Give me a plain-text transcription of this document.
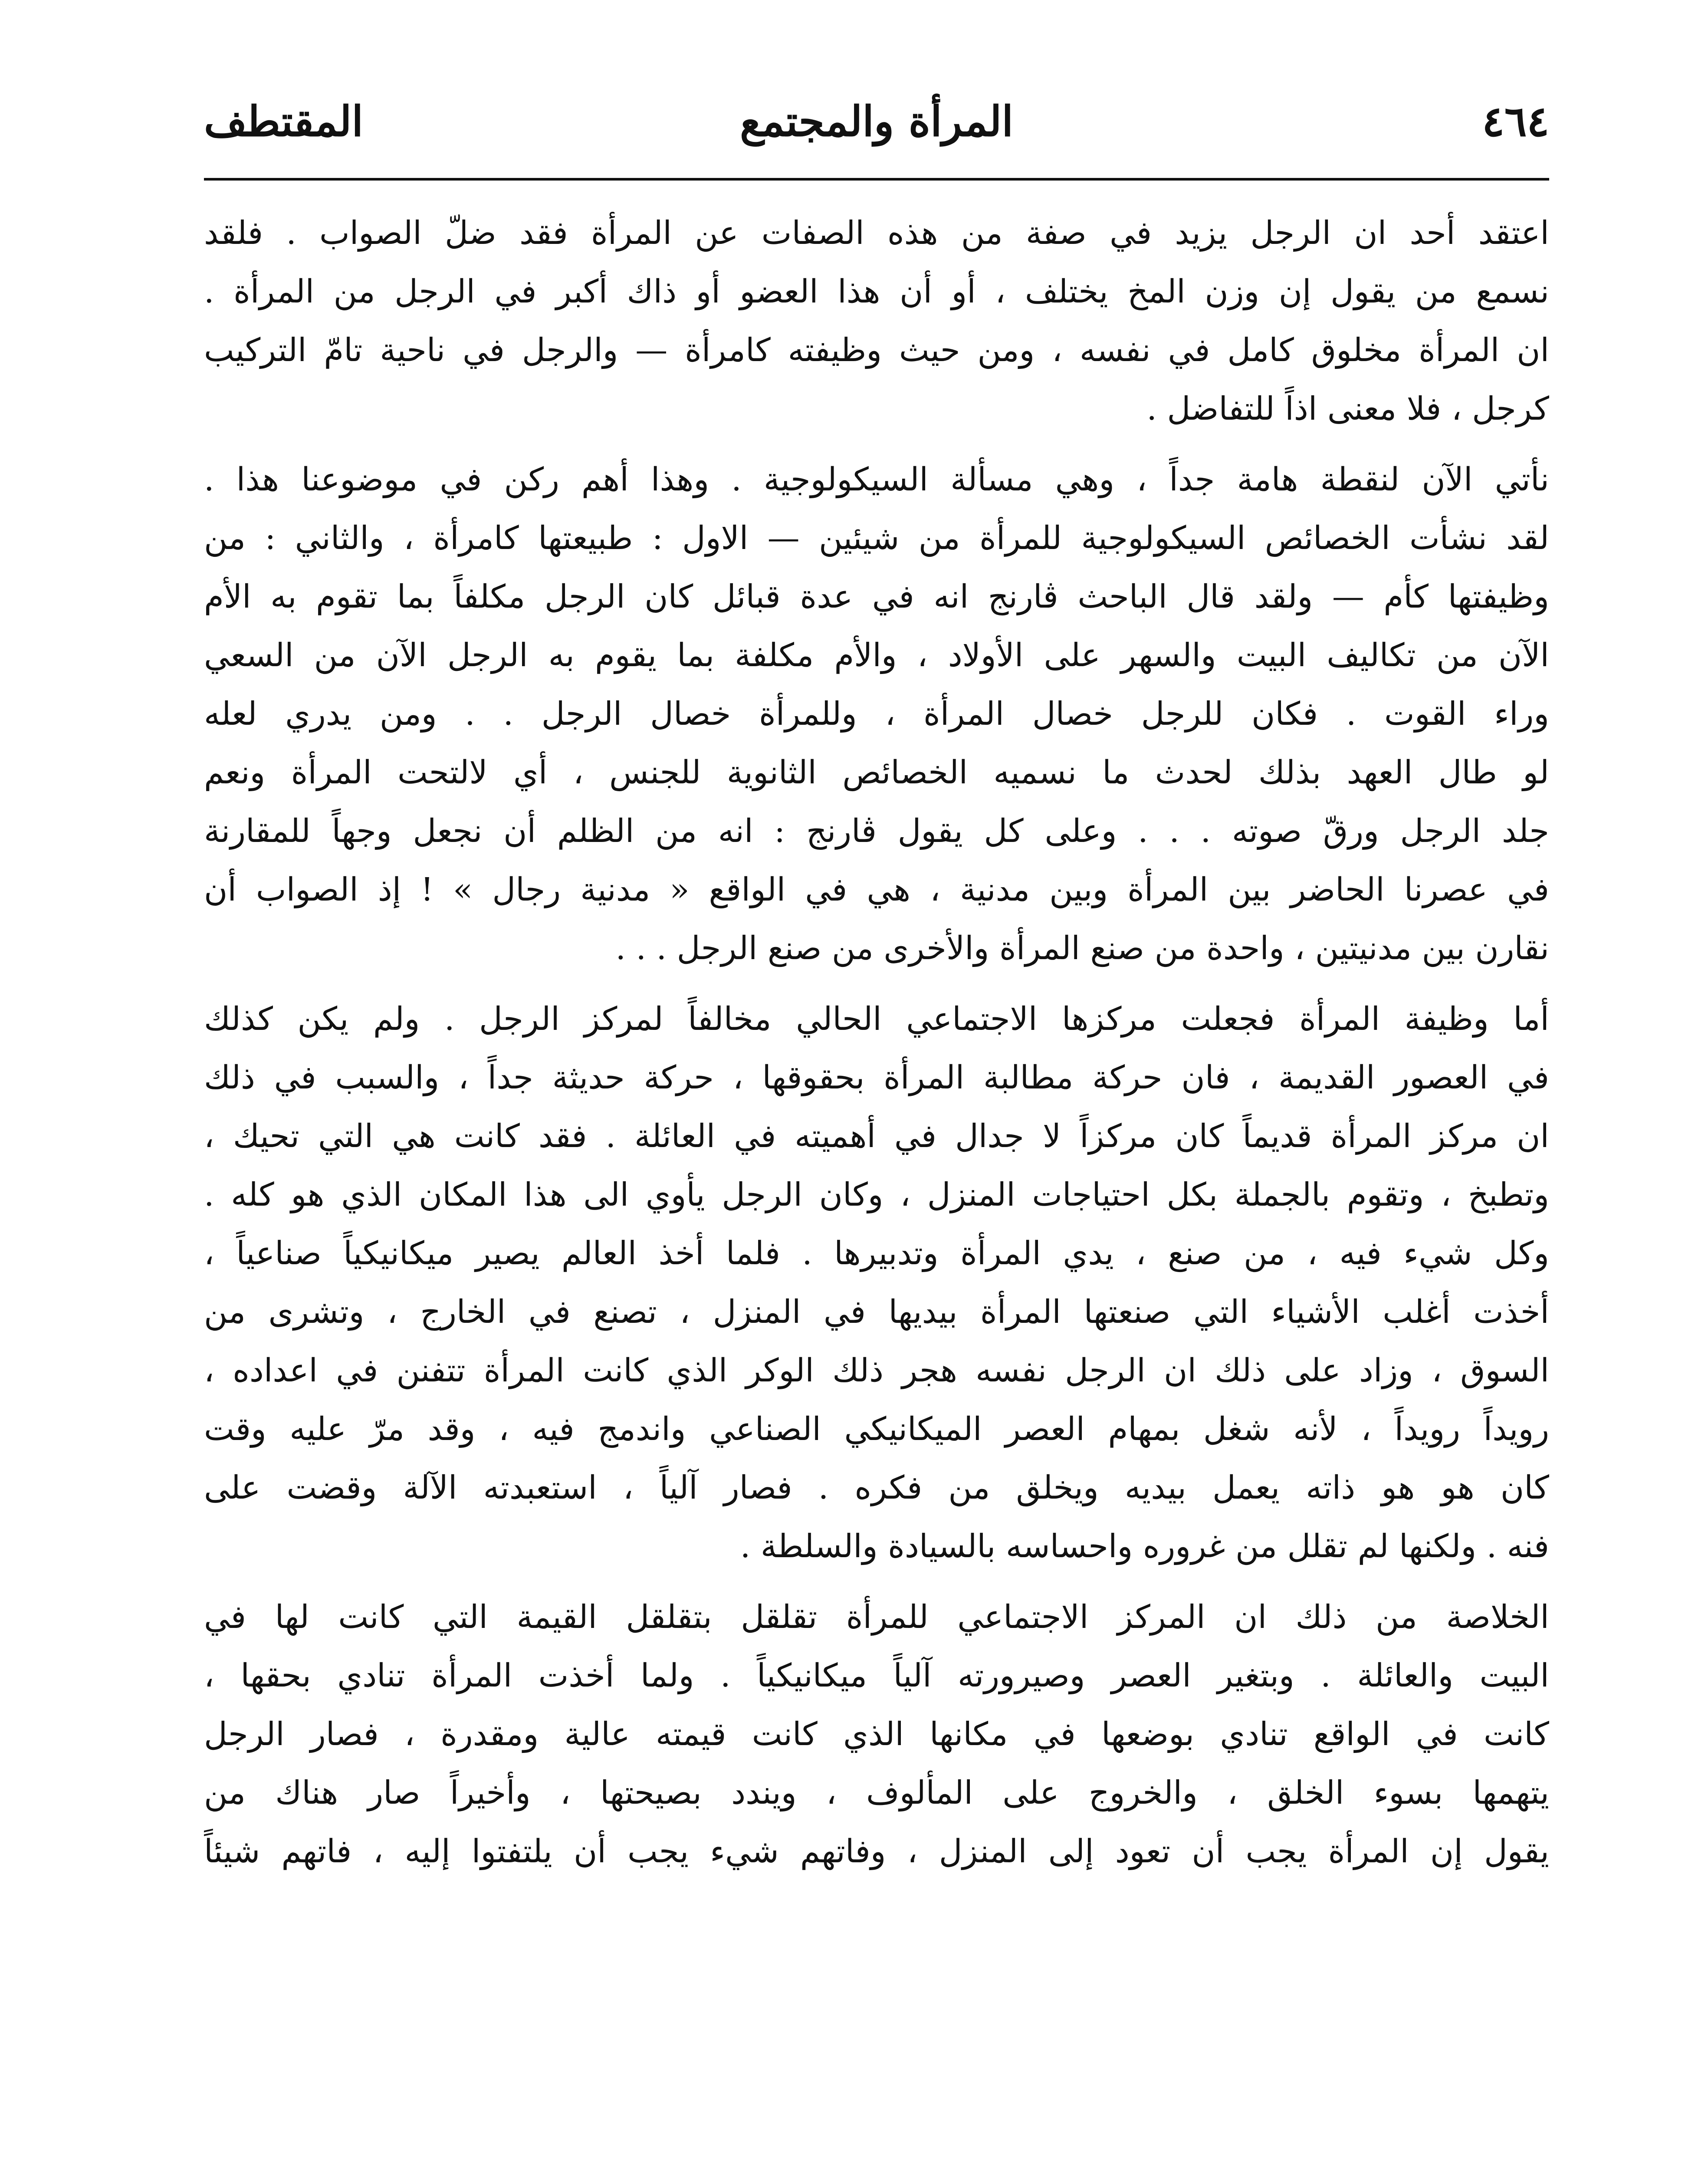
٤٦٤
المرأة والمجتمع
المقتطف
اعتقد أحد ان الرجل يزيد في صفة من هذه الصفات عن المرأة فقد ضلّ الصواب . فلقد
نسمع من يقول إن وزن المخ يختلف ، أو أن هذا العضو أو ذاك أكبر في الرجل من المرأة .
ان المرأة مخلوق كامل في نفسه ، ومن حيث وظيفته كامرأة — والرجل في ناحية تامّ التركيب
كرجل ، فلا معنى اذاً للتفاضل .
نأتي الآن لنقطة هامة جداً ، وهي مسألة السيكولوجية . وهذا أهم ركن في موضوعنا هذا .
لقد نشأت الخصائص السيكولوجية للمرأة من شيئين — الاول : طبيعتها كامرأة ، والثاني : من
وظيفتها كأم — ولقد قال الباحث ڤارنج انه في عدة قبائل كان الرجل مكلفاً بما تقوم به الأم
الآن من تكاليف البيت والسهر على الأولاد ، والأم مكلفة بما يقوم به الرجل الآن من السعي
وراء القوت . فكان للرجل خصال المرأة ، وللمرأة خصال الرجل . . ومن يدري لعله
لو طال العهد بذلك لحدث ما نسميه الخصائص الثانوية للجنس ، أي لالتحت المرأة ونعم
جلد الرجل ورقّ صوته . . . وعلى كل يقول ڤارنج : انه من الظلم أن نجعل وجهاً للمقارنة
في عصرنا الحاضر بين المرأة وبين مدنية ، هي في الواقع « مدنية رجال » ! إذ الصواب أن
نقارن بين مدنيتين ، واحدة من صنع المرأة والأخرى من صنع الرجل . . .
أما وظيفة المرأة فجعلت مركزها الاجتماعي الحالي مخالفاً لمركز الرجل . ولم يكن كذلك
في العصور القديمة ، فان حركة مطالبة المرأة بحقوقها ، حركة حديثة جداً ، والسبب في ذلك
ان مركز المرأة قديماً كان مركزاً لا جدال في أهميته في العائلة . فقد كانت هي التي تحيك ،
وتطبخ ، وتقوم بالجملة بكل احتياجات المنزل ، وكان الرجل يأوي الى هذا المكان الذي هو كله .
وكل شيء فيه ، من صنع ، يدي المرأة وتدبيرها . فلما أخذ العالم يصير ميكانيكياً صناعياً ،
أخذت أغلب الأشياء التي صنعتها المرأة بيديها في المنزل ، تصنع في الخارج ، وتشرى من
السوق ، وزاد على ذلك ان الرجل نفسه هجر ذلك الوكر الذي كانت المرأة تتفنن في اعداده ،
رويداً رويداً ، لأنه شغل بمهام العصر الميكانيكي الصناعي واندمج فيه ، وقد مرّ عليه وقت
كان هو هو ذاته يعمل بيديه ويخلق من فكره . فصار آلياً ، استعبدته الآلة وقضت على
فنه . ولكنها لم تقلل من غروره واحساسه بالسيادة والسلطة .
الخلاصة من ذلك ان المركز الاجتماعي للمرأة تقلقل بتقلقل القيمة التي كانت لها في
البيت والعائلة . وبتغير العصر وصيرورته آلياً ميكانيكياً . ولما أخذت المرأة تنادي بحقها ،
كانت في الواقع تنادي بوضعها في مكانها الذي كانت قيمته عالية ومقدرة ، فصار الرجل
يتهمها بسوء الخلق ، والخروج على المألوف ، ويندد بصيحتها ، وأخيراً صار هناك من
يقول إن المرأة يجب أن تعود إلى المنزل ، وفاتهم شيء يجب أن يلتفتوا إليه ، فاتهم شيئاً
